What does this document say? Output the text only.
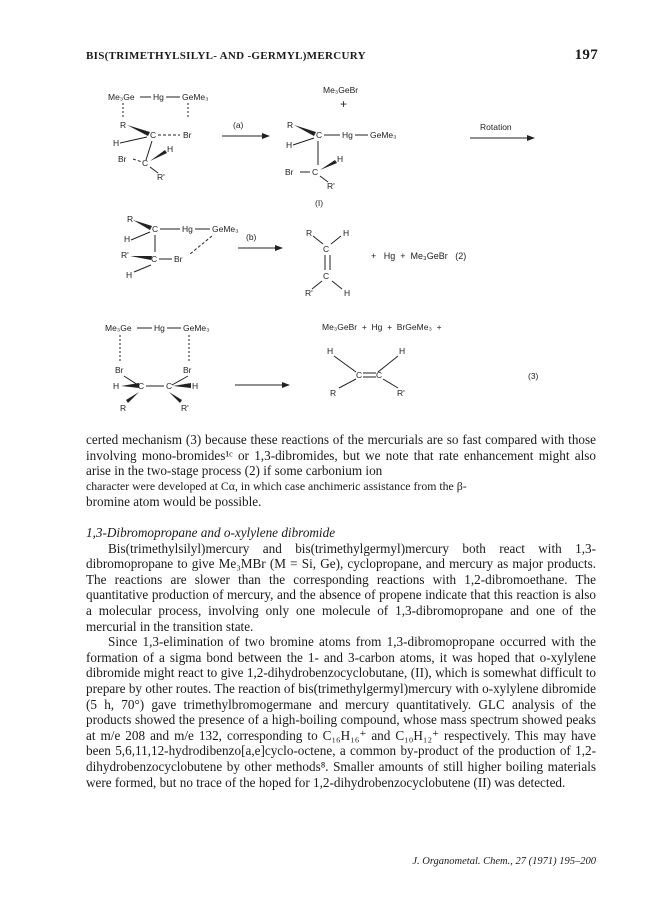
BIS(TRIMETHYLSILYL- AND -GERMYL)MERCURY	197
Me₃Ge Hg GeMe₃
R
C	Br
H
Br C
H
R'
(a)
Me₃GeBr
+
R
C Hg GeMe₃
H
Br C
H
R'
(I)
Rotation
R
C	Hg GeMe₃
H
R'	C Br
H
(b)	R	H
C
C
R'	H
+   Hg  +  Me₃GeBr   (2)
Me₃Ge	Hg GeMe₃
Br	Br
H C	C H
R	R'
Me₃GeBr  +  Hg  +  BrGeMe₃  +
H	H
C C
R	R'
(3)

certed mechanism (3) because these reactions of the mercurials are so fast compared with those involving mono-bromides¹ᶜ or 1,3-dibromides, but we note that rate enhancement might also arise in the two-stage process (2) if some carbonium ion

character were developed at Cα, in which case anchimeric assistance from the β-

bromine atom would be possible.

1,3-Dibromopropane and o-xylylene dibromide

Bis(trimethylsilyl)mercury and bis(trimethylgermyl)mercury both react with 1,3-dibromopropane to give Me₃MBr (M = Si, Ge), cyclopropane, and mercury as major products. The reactions are slower than the corresponding reactions with 1,2-dibromoethane. The quantitative production of mercury, and the absence of propene indicate that this reaction is also a molecular process, involving only one molecule of 1,3-dibromopropane and one of the mercurial in the transition state.

Since 1,3-elimination of two bromine atoms from 1,3-dibromopropane occurred with the formation of a sigma bond between the 1- and 3-carbon atoms, it was hoped that o-xylylene dibromide might react to give 1,2-dihydrobenzocyclobutane, (II), which is somewhat difficult to prepare by other routes. The reaction of bis(trimethylgermyl)mercury with o-xylylene dibromide (5 h, 70°) gave trimethylbromogermane and mercury quantitatively. GLC analysis of the products showed the presence of a high-boiling compound, whose mass spectrum showed peaks at m/e 208 and m/e 132, corresponding to C₁₆H₁₆⁺ and C₁₀H₁₂⁺ respectively. This may have been 5,6,11,12-hydrodibenzo[a,e]cyclo-octene, a common by-product of the production of 1,2-dihydrobenzocyclobutene by other methods⁸. Smaller amounts of still higher boiling materials were formed, but no trace of the hoped for 1,2-dihydrobenzocyclobutene (II) was detected.

J. Organometal. Chem., 27 (1971) 195–200
